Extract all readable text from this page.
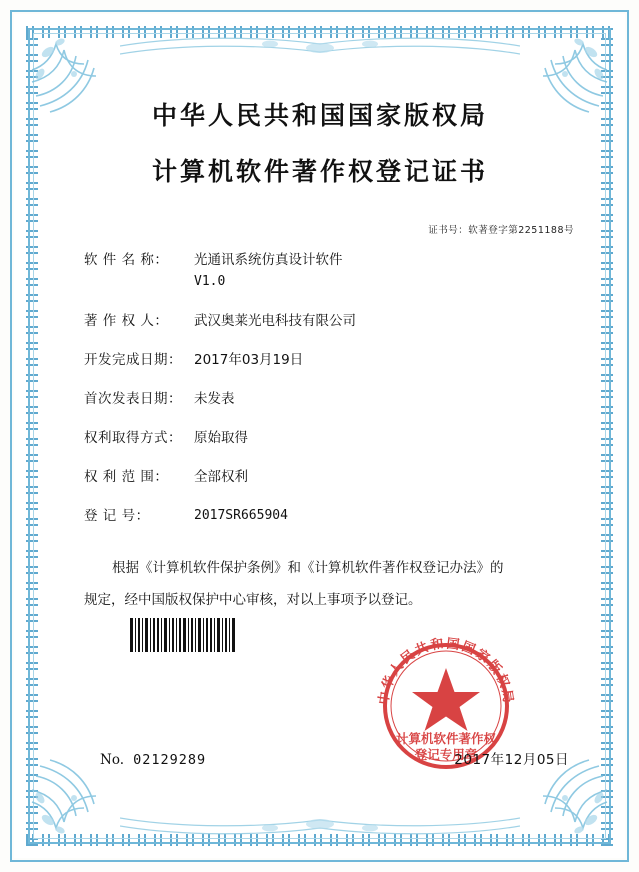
中华人民共和国国家版权局
计算机软件著作权登记证书
证书号：软著登字第2251188号
软 件 名 称：	光通讯系统仿真设计软件
V1.0
著 作 权 人：	武汉奥莱光电科技有限公司
开发完成日期： 2017年03月19日
首次发表日期： 未发表
权利取得方式： 原始取得
权 利 范 围：	全部权利
登 记 号：	2017SR665904
根据《计算机软件保护条例》和《计算机软件著作权登记办法》的
规定，经中国版权保护中心审核，对以上事项予以登记。
中华人民共和国国家版权局
计算机软件著作权
登记专用章
No. 02129289	2017年12月05日
